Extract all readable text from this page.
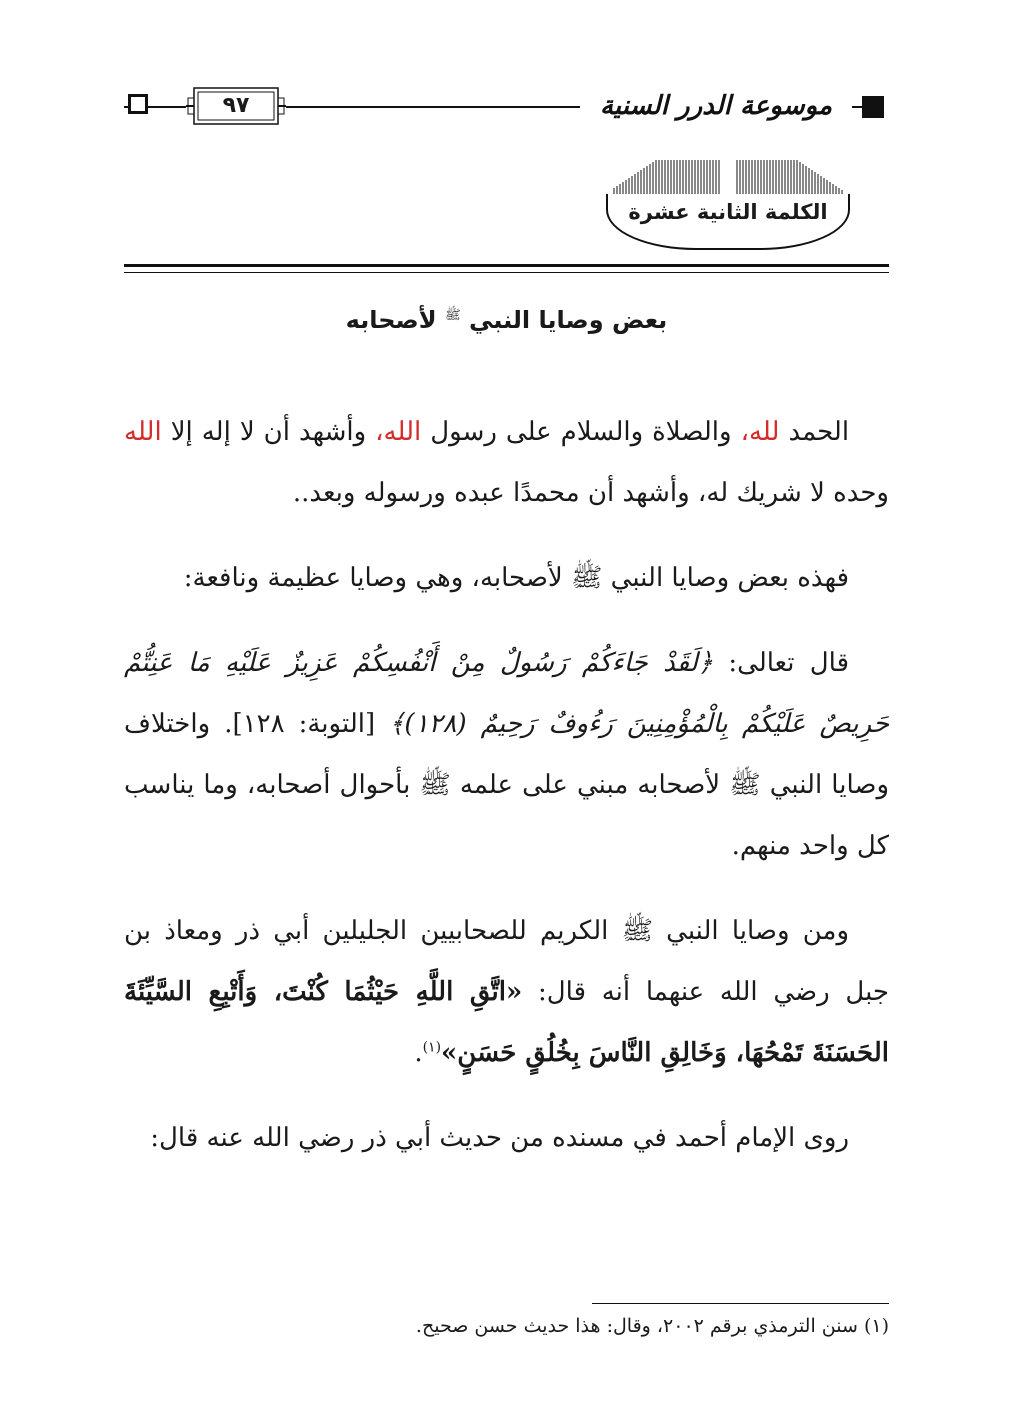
٩٧	موسوعة الدرر السنية
الكلمة الثانية عشرة
بعض وصايا النبي $^ﷺ$ لأصحابه

الحمد لله، والصلاة والسلام على رسول الله، وأشهد أن لا إله إلا الله وحده لا شريك له، وأشهد أن محمدًا عبده ورسوله وبعد..

فهذه بعض وصايا النبي ﷺ لأصحابه، وهي وصايا عظيمة ونافعة:

قال تعالى: ﴿لَقَدْ جَاءَكُمْ رَسُولٌ مِنْ أَنْفُسِكُمْ عَزِيزٌ عَلَيْهِ مَا عَنِتُّمْ حَرِيصٌ عَلَيْكُمْ بِالْمُؤْمِنِينَ رَءُوفٌ رَحِيمٌ (١٢٨)﴾ [التوبة: ١٢٨]. واختلاف وصايا النبي ﷺ لأصحابه مبني على علمه ﷺ بأحوال أصحابه، وما يناسب كل واحد منهم.

ومن وصايا النبي ﷺ الكريم للصحابيين الجليلين أبي ذر ومعاذ بن جبل رضي الله عنهما أنه قال: «اتَّقِ اللَّهِ حَيْثُمَا كُنْتَ، وَأَتْبِعِ السَّيِّئَةَ الحَسَنَةَ تَمْحُهَا، وَخَالِقِ النَّاسَ بِخُلُقٍ حَسَنٍ»$^{(١)}$.

روى الإمام أحمد في مسنده من حديث أبي ذر رضي الله عنه قال:

(١) سنن الترمذي برقم ٢٠٠٢، وقال: هذا حديث حسن صحيح.
